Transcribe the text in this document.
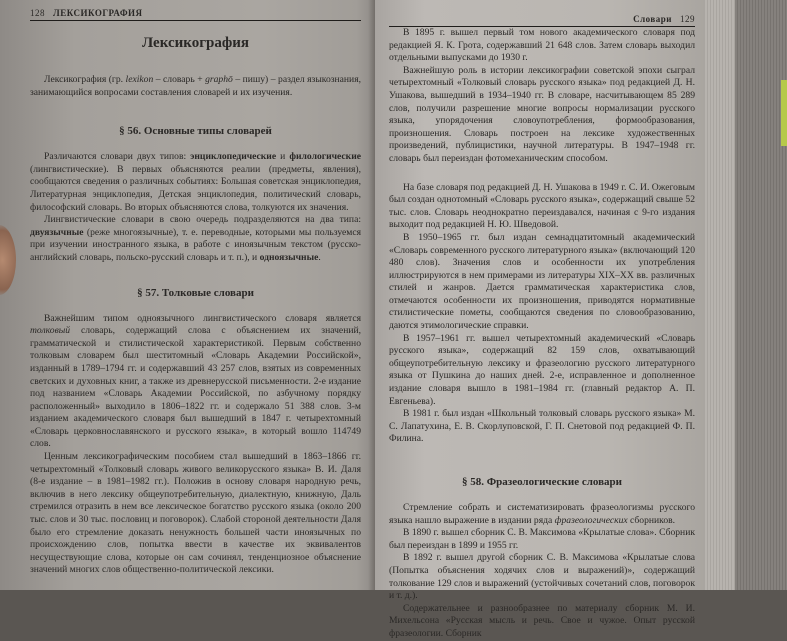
128 ЛЕКСИКОГРАФИЯ
Лексикография

Лексикография (гр. lexikon – словарь + graphō – пишу) – раздел языкознания, занимающийся вопросами составления словарей и их изучения.

§ 56. Основные типы словарей

Различаются словари двух типов: энциклопедические и филологические (лингвистические). В первых объясняются реалии (предметы, явления), сообщаются сведения о различных событиях: Большая советская энциклопедия, Литературная энциклопедия, Детская энциклопедия, политический словарь, философский словарь. Во вторых объясняются слова, толкуются их значения.

Лингвистические словари в свою очередь подразделяются на два типа: двуязычные (реже многоязычные), т. е. переводные, которыми мы пользуемся при изучении иностранного языка, в работе с иноязычным текстом (русско-английский словарь, польско-русский словарь и т. п.), и одноязычные.

§ 57. Толковые словари

Важнейшим типом одноязычного лингвистического словаря является толковый словарь, содержащий слова с объяснением их значений, грамматической и стилистической характеристикой. Первым собственно толковым словарем был шеститомный «Словарь Академии Российской», изданный в 1789–1794 гг. и содержавший 43 257 слов, взятых из современных светских и духовных книг, а также из древнерусской письменности. 2-е издание под названием «Словарь Академии Российской, по азбучному порядку расположенный» выходило в 1806–1822 гг. и содержало 51 388 слов. 3-м изданием академического словаря был вышедший в 1847 г. четырехтомный «Словарь церковнославянского и русского языка», в который вошло 114749 слов.

Ценным лексикографическим пособием стал вышедший в 1863–1866 гг. четырехтомный «Толковый словарь живого великорусского языка» В. И. Даля (8-е издание – в 1981–1982 гг.). Положив в основу словаря народную речь, включив в него лексику общеупотребительную, диалектную, книжную, Даль стремился отразить в нем все лексическое богатство русского языка (около 200 тыс. слов и 30 тыс. пословиц и поговорок). Слабой стороной деятельности Даля было его стремление доказать ненужность большей части иноязычных по происхождению слов, попытка ввести в качестве их эквивалентов несуществующие слова, которые он сам сочинял, тенденциозное объяснение значений многих слов общественно-политической лексики.

Словари 129

В 1895 г. вышел первый том нового академического словаря под редакцией Я. К. Грота, содержавший 21 648 слов. Затем словарь выходил отдельными выпусками до 1930 г.

Важнейшую роль в истории лексикографии советской эпохи сыграл четырехтомный «Толковый словарь русского языка» под редакцией Д. Н. Ушакова, вышедший в 1934–1940 гг. В словаре, насчитывающем 85 289 слов, получили разрешение многие вопросы нормализации русского языка, упорядочения словоупотребления, формообразования, произношения. Словарь построен на лексике художественных произведений, публицистики, научной литературы. В 1947–1948 гг. словарь был переиздан фотомеханическим способом.

На базе словаря под редакцией Д. Н. Ушакова в 1949 г. С. И. Ожеговым был создан однотомный «Словарь русского языка», содержащий свыше 52 тыс. слов. Словарь неоднократно переиздавался, начиная с 9-го издания выходит под редакцией Н. Ю. Шведовой.

В 1950–1965 гг. был издан семнадцатитомный академический «Словарь современного русского литературного языка» (включающий 120 480 слов). Значения слов и особенности их употребления иллюстрируются в нем примерами из литературы XIX–XX вв. различных стилей и жанров. Дается грамматическая характеристика слов, отмечаются особенности их произношения, приводятся нормативные стилистические пометы, сообщаются сведения по словообразованию, даются этимологические справки.

В 1957–1961 гг. вышел четырехтомный академический «Словарь русского языка», содержащий 82 159 слов, охватывающий общеупотребительную лексику и фразеологию русского литературного языка от Пушкина до наших дней. 2-е, исправленное и дополненное издание словаря вышло в 1981–1984 гг. (главный редактор А. П. Евгеньева).

В 1981 г. был издан «Школьный толковый словарь русского языка» М. С. Лапатухина, Е. В. Скорлуповской, Г. П. Снетовой под редакцией Ф. П. Филина.

§ 58. Фразеологические словари

Стремление собрать и систематизировать фразеологизмы русского языка нашло выражение в издании ряда фразеологических сборников.

В 1890 г. вышел сборник С. В. Максимова «Крылатые слова». Сборник был переиздан в 1899 и 1955 гг.

В 1892 г. вышел другой сборник С. В. Максимова «Крылатые слова (Попытка объяснения ходячих слов и выражений)», содержащий толкование 129 слов и выражений (устойчивых сочетаний слов, поговорок и т. д.).

Содержательнее и разнообразнее по материалу сборник М. И. Михельсона «Русская мысль и речь. Свое и чужое. Опыт русской фразеологии. Сборник
